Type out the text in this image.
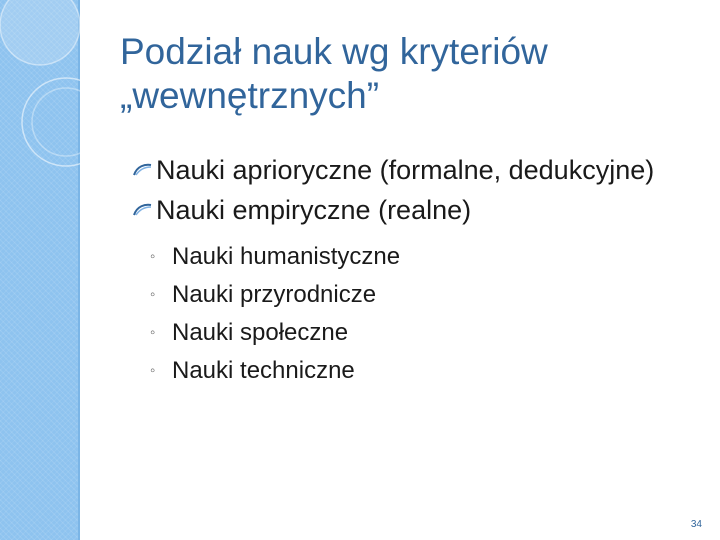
Podział nauk wg kryteriów „wewnętrznych”
Nauki aprioryczne (formalne, dedukcyjne)
Nauki empiryczne (realne)
◦ Nauki humanistyczne
◦ Nauki przyrodnicze
◦ Nauki społeczne
◦ Nauki techniczne
34
